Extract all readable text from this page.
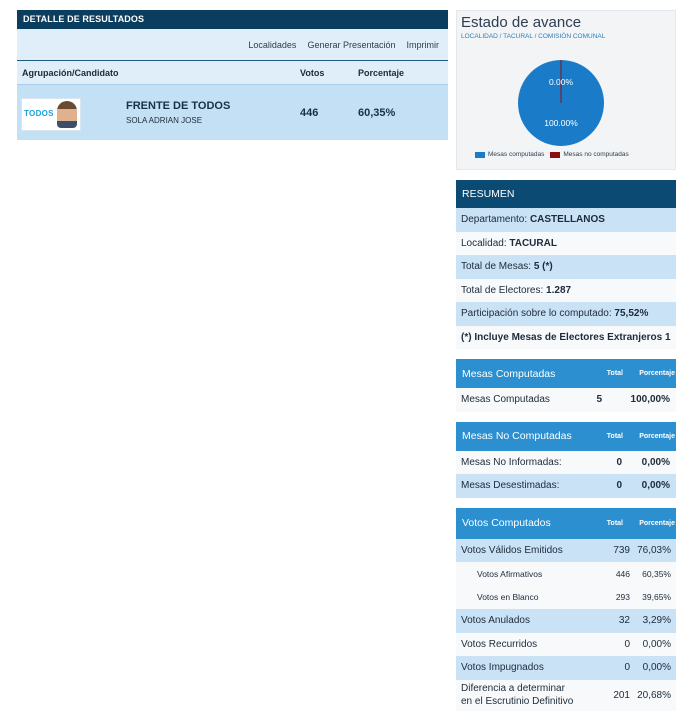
DETALLE DE RESULTADOS
Localidades Generar Presentación Imprimir
Agrupación/Candidato	Votos	Porcentaje
TODOS
FRENTE DE TODOS
SOLA ADRIAN JOSE
446	60,35%
Estado de avance
LOCALIDAD / TACURAL / COMISIÓN COMUNAL
0.00%
100.00%
Mesas computadas	Mesas no computadas
RESUMEN
Departamento:
CASTELLANOS
Localidad:
TACURAL
Total de Mesas:
5 (*)
Total de Electores:
1.287
Participación sobre lo computado:
75,52%
(*) Incluye Mesas de Electores Extranjeros 1
Mesas Computadas	Total	Porcentaje
Mesas Computadas	5	100,00%
Mesas No Computadas	Total	Porcentaje
Mesas No Informadas:	0	0,00%
Mesas Desestimadas:	0	0,00%
Votos Computados	Total	Porcentaje
Votos Válidos Emitidos	739 76,03%
Votos Afirmativos	446	60,35%
Votos en Blanco	293	39,65%
Votos Anulados	32	3,29%
Votos Recurridos	0	0,00%
Votos Impugnados	0	0,00%
Diferencia a determinar
en el Escrutinio Definitivo
201 20,68%
